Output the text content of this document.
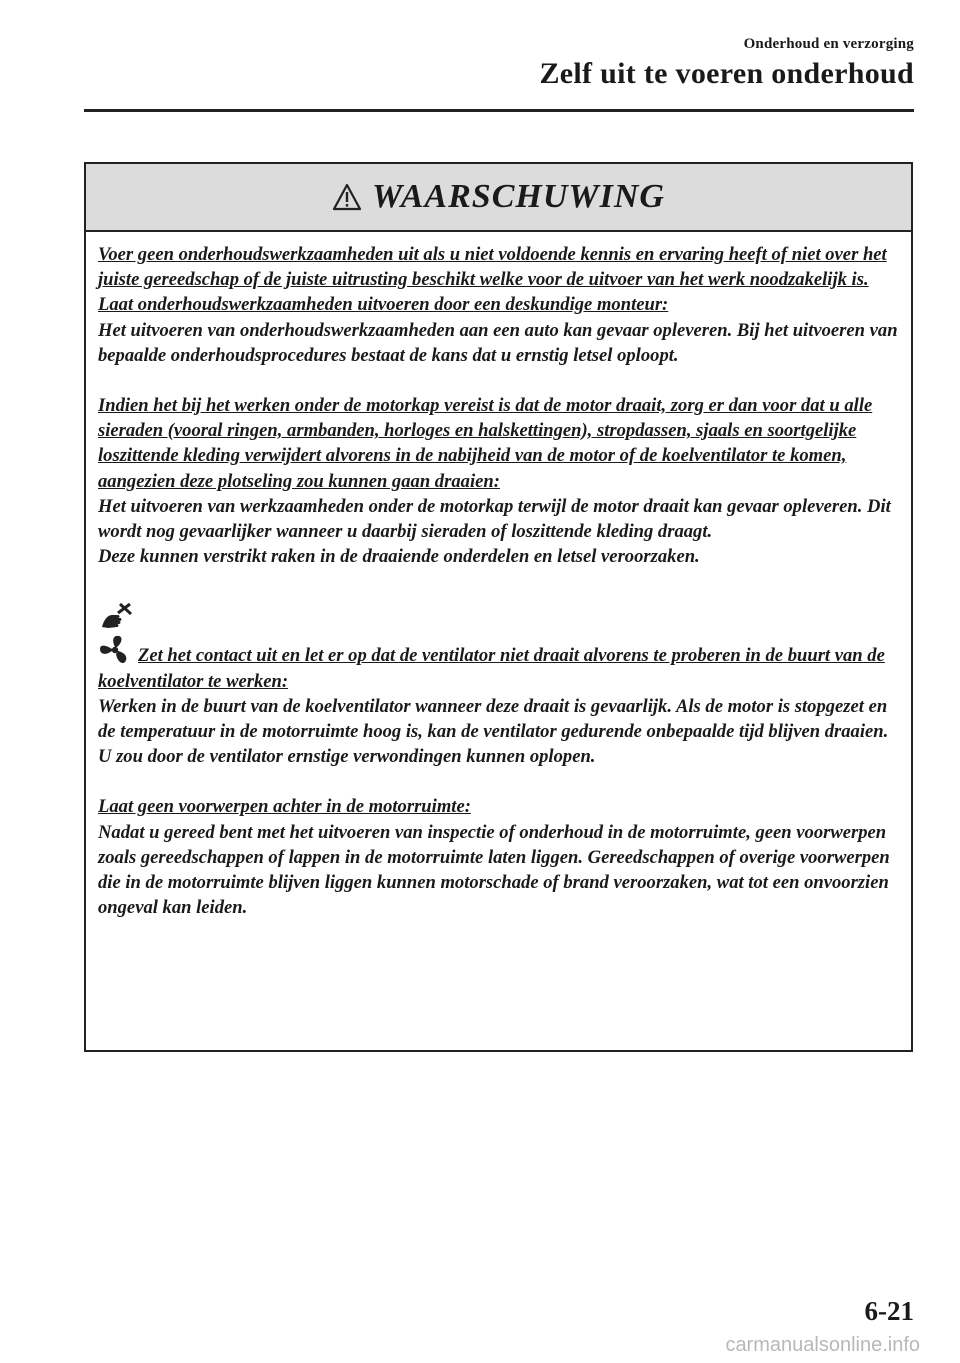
Onderhoud en verzorging
Zelf uit te voeren onderhoud
WAARSCHUWING

Voer geen onderhoudswerkzaamheden uit als u niet voldoende kennis en ervaring heeft of niet over het juiste gereedschap of de juiste uitrusting beschikt welke voor de uitvoer van het werk noodzakelijk is. Laat onderhoudswerkzaamheden uitvoeren door een deskundige monteur:

Het uitvoeren van onderhoudswerkzaamheden aan een auto kan gevaar opleveren. Bij het uitvoeren van bepaalde onderhoudsprocedures bestaat de kans dat u ernstig letsel oploopt.

Indien het bij het werken onder de motorkap vereist is dat de motor draait, zorg er dan voor dat u alle sieraden (vooral ringen, armbanden, horloges en halskettingen), stropdassen, sjaals en soortgelijke loszittende kleding verwijdert alvorens in de nabijheid van de motor of de koelventilator te komen, aangezien deze plotseling zou kunnen gaan draaien:

Het uitvoeren van werkzaamheden onder de motorkap terwijl de motor draait kan gevaar opleveren. Dit wordt nog gevaarlijker wanneer u daarbij sieraden of loszittende kleding draagt.

Deze kunnen verstrikt raken in de draaiende onderdelen en letsel veroorzaken.

Zet het contact uit en let er op dat de ventilator niet draait alvorens te proberen in de buurt van de koelventilator te werken:

Werken in de buurt van de koelventilator wanneer deze draait is gevaarlijk. Als de motor is stopgezet en de temperatuur in de motorruimte hoog is, kan de ventilator gedurende onbepaalde tijd blijven draaien. U zou door de ventilator ernstige verwondingen kunnen oplopen.

Laat geen voorwerpen achter in de motorruimte:

Nadat u gereed bent met het uitvoeren van inspectie of onderhoud in de motorruimte, geen voorwerpen zoals gereedschappen of lappen in de motorruimte laten liggen. Gereedschappen of overige voorwerpen die in de motorruimte blijven liggen kunnen motorschade of brand veroorzaken, wat tot een onvoorzien ongeval kan leiden.

6-21
carmanualsonline.info
